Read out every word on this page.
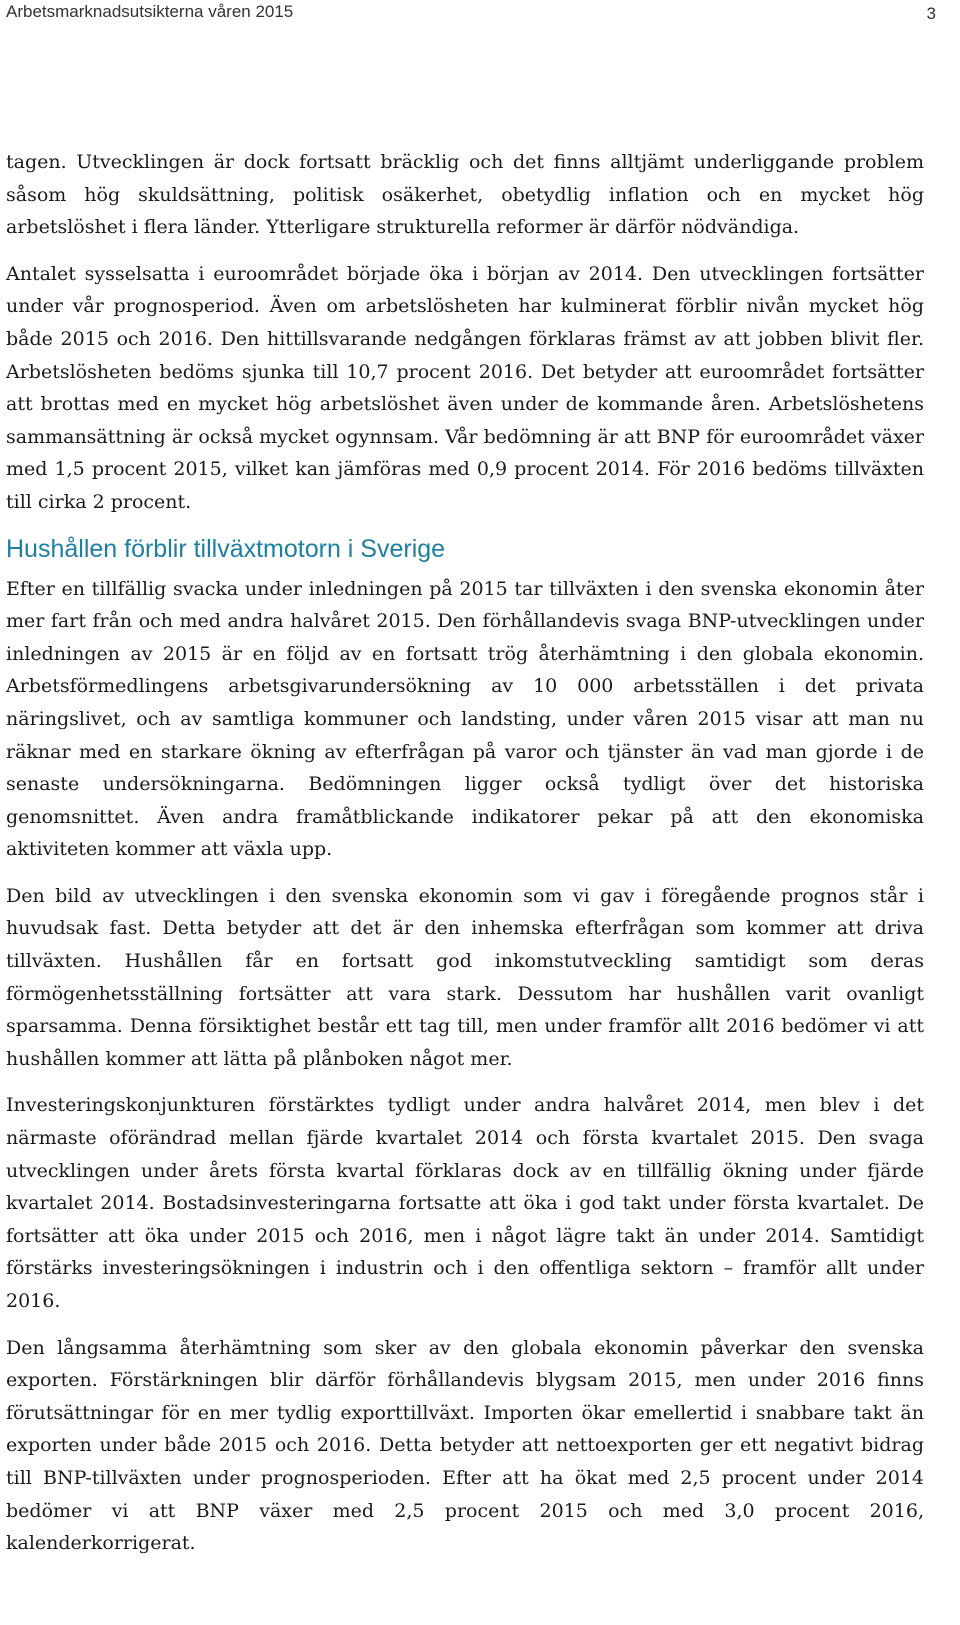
Arbetsmarknadsutsikterna våren 2015	3

tagen. Utvecklingen är dock fortsatt bräcklig och det finns alltjämt underliggande problem såsom hög skuldsättning, politisk osäkerhet, obetydlig inflation och en mycket hög arbetslöshet i flera länder. Ytterligare strukturella reformer är därför nödvändiga.

Antalet sysselsatta i euroområdet började öka i början av 2014. Den utvecklingen fortsätter under vår prognosperiod. Även om arbetslösheten har kulminerat förblir nivån mycket hög både 2015 och 2016. Den hittillsvarande nedgången förklaras främst av att jobben blivit fler. Arbetslösheten bedöms sjunka till 10,7 procent 2016. Det betyder att euroområdet fortsätter att brottas med en mycket hög arbetslöshet även under de kommande åren. Arbetslöshetens sammansättning är också mycket ogynnsam. Vår bedömning är att BNP för euroområdet växer med 1,5 procent 2015, vilket kan jämföras med 0,9 procent 2014. För 2016 bedöms tillväxten till cirka 2 procent.

Hushållen förblir tillväxtmotorn i Sverige

Efter en tillfällig svacka under inledningen på 2015 tar tillväxten i den svenska ekonomin åter mer fart från och med andra halvåret 2015. Den förhållandevis svaga BNP-utvecklingen under inledningen av 2015 är en följd av en fortsatt trög återhämtning i den globala ekonomin. Arbetsförmedlingens arbetsgivarundersökning av 10 000 arbetsställen i det privata näringslivet, och av samtliga kommuner och landsting, under våren 2015 visar att man nu räknar med en starkare ökning av efterfrågan på varor och tjänster än vad man gjorde i de senaste undersökningarna. Bedömningen ligger också tydligt över det historiska genomsnittet. Även andra framåtblickande indikatorer pekar på att den ekonomiska aktiviteten kommer att växla upp.

Den bild av utvecklingen i den svenska ekonomin som vi gav i föregående prognos står i huvudsak fast. Detta betyder att det är den inhemska efterfrågan som kommer att driva tillväxten. Hushållen får en fortsatt god inkomstutveckling samtidigt som deras förmögenhetsställning fortsätter att vara stark. Dessutom har hushållen varit ovanligt sparsamma. Denna försiktighet består ett tag till, men under framför allt 2016 bedömer vi att hushållen kommer att lätta på plånboken något mer.

Investeringskonjunkturen förstärktes tydligt under andra halvåret 2014, men blev i det närmaste oförändrad mellan fjärde kvartalet 2014 och första kvartalet 2015. Den svaga utvecklingen under årets första kvartal förklaras dock av en tillfällig ökning under fjärde kvartalet 2014. Bostadsinvesteringarna fortsatte att öka i god takt under första kvartalet. De fortsätter att öka under 2015 och 2016, men i något lägre takt än under 2014. Samtidigt förstärks investeringsökningen i industrin och i den offentliga sektorn – framför allt under 2016.

Den långsamma återhämtning som sker av den globala ekonomin påverkar den svenska exporten. Förstärkningen blir därför förhållandevis blygsam 2015, men under 2016 finns förutsättningar för en mer tydlig exporttillväxt. Importen ökar emellertid i snabbare takt än exporten under både 2015 och 2016. Detta betyder att nettoexporten ger ett negativt bidrag till BNP-tillväxten under prognosperioden. Efter att ha ökat med 2,5 procent under 2014 bedömer vi att BNP växer med 2,5 procent 2015 och med 3,0 procent 2016, kalenderkorrigerat.
